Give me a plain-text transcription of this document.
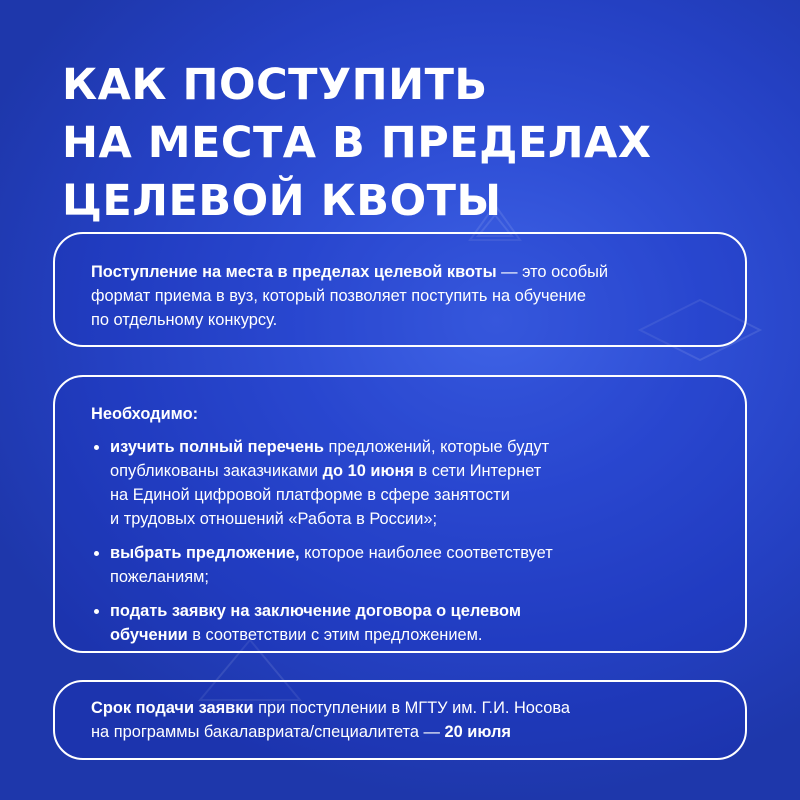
КАК ПОСТУПИТЬ
НА МЕСТА В ПРЕДЕЛАХ
ЦЕЛЕВОЙ КВОТЫ
Поступление на места в пределах целевой квоты — это особый
формат приема в вуз, который позволяет поступить на обучение
по отдельному конкурсу.
Необходимо:
изучить полный перечень предложений, которые будут
опубликованы заказчиками до 10 июня в сети Интернет
на Единой цифровой платформе в сфере занятости
и трудовых отношений «Работа в России»;
выбрать предложение, которое наиболее соответствует
пожеланиям;
подать заявку на заключение договора о целевом
обучении в соответствии с этим предложением.
Срок подачи заявки при поступлении в МГТУ им. Г.И. Носова
на программы бакалавриата/специалитета — 20 июля
